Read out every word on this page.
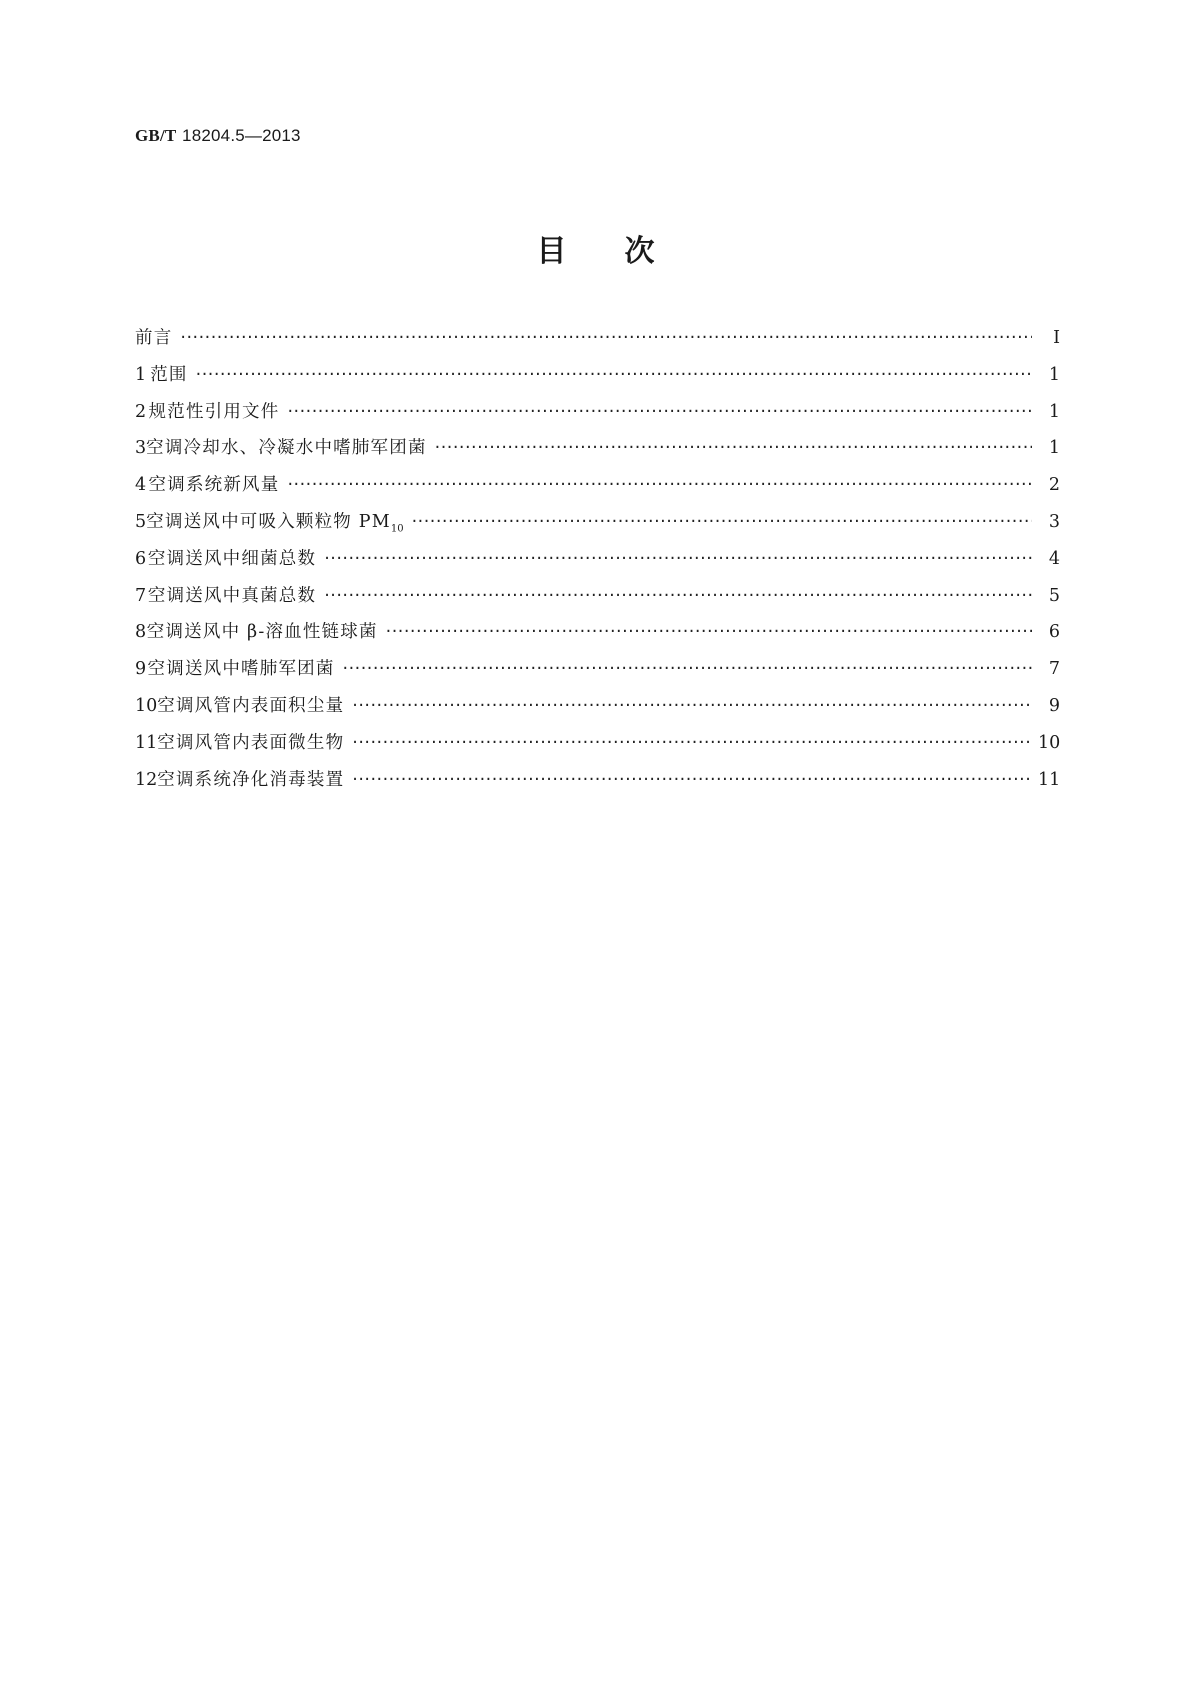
GB/T 18204.5—2013
目 次
前言 ·····	Ⅰ
1 范围 ·····	1
2 规范性引用文件 ·····	1
3 空调冷却水、冷凝水中嗜肺军团菌 ·····	1
4 空调系统新风量 ·····	2
5 空调送风中可吸入颗粒物 $PM_{10}$ ·····	3
6 空调送风中细菌总数 ·····	4
7 空调送风中真菌总数 ·····	5
8 空调送风中 β-溶血性链球菌 ·····	6
9 空调送风中嗜肺军团菌 ·····	7
10 空调风管内表面积尘量 ·····	9
11 空调风管内表面微生物 ·····	10
12 空调系统净化消毒装置 ·····	11
